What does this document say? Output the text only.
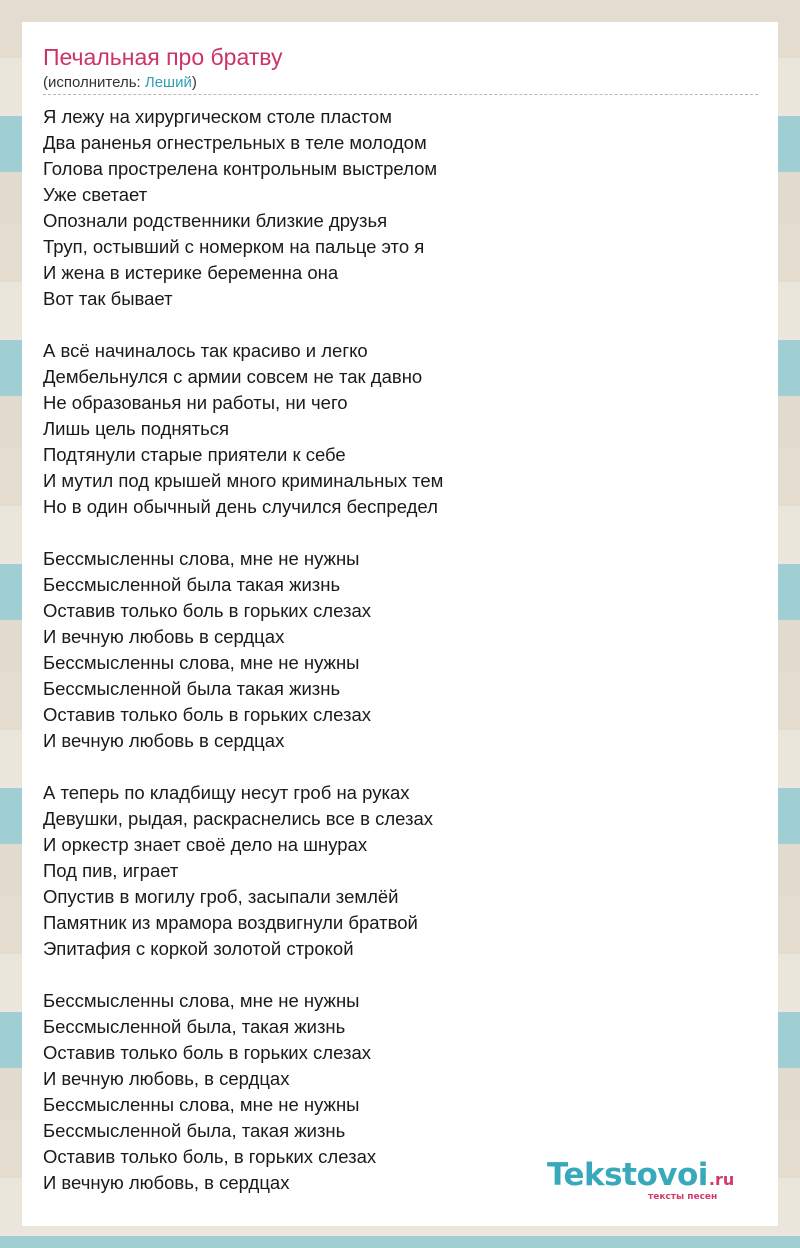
Печальная про братву
(исполнитель: Леший)
Я лежу на хирургическом столе пластом
Два раненья огнестрельных в теле молодом
Голова прострелена контрольным выстрелом
Уже светает
Опознали родственники близкие друзья
Труп, остывший с номерком на пальце это я
И жена в истерике беременна она
Вот так бывает
А всё начиналось так красиво и легко
Дембельнулся с армии совсем не так давно
Не образованья ни работы, ни чего
Лишь цель подняться
Подтянули старые приятели к себе
И мутил под крышей много криминальных тем
Но в один обычный день случился беспредел
Бессмысленны слова, мне не нужны
Бессмысленной была такая жизнь
Оставив только боль в горьких слезах
И вечную любовь в сердцах
Бессмысленны слова, мне не нужны
Бессмысленной была такая жизнь
Оставив только боль в горьких слезах
И вечную любовь в сердцах
А теперь по кладбищу несут гроб на руках
Девушки, рыдая, раскраснелись все в слезах
И оркестр знает своё дело на шнурах
Под пив, играет
Опустив в могилу гроб, засыпали землёй
Памятник из мрамора воздвигнули братвой
Эпитафия с коркой золотой строкой
Бессмысленны слова, мне не нужны
Бессмысленной была, такая жизнь
Оставив только боль в горьких слезах
И вечную любовь, в сердцах
Бессмысленны слова, мне не нужны
Бессмысленной была, такая жизнь
Оставив только боль, в горьких слезах
И вечную любовь, в сердцах	Tekstovoi.ru
тексты песен
